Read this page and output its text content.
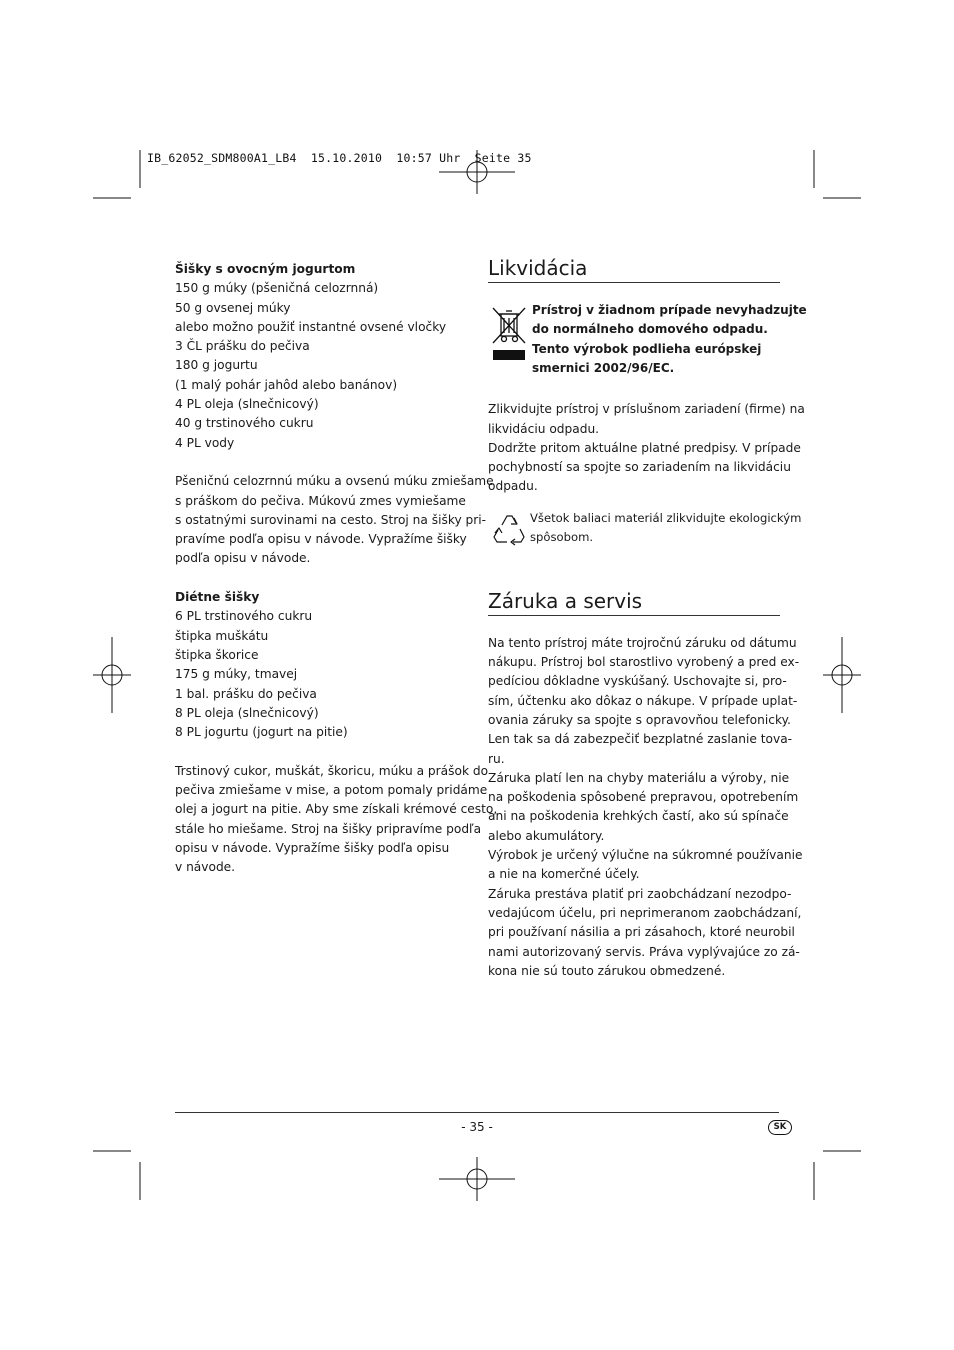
IB_62052_SDM800A1_LB4  15.10.2010  10:57 Uhr  Seite 35

Šišky s ovocným jogurtom

150 g múky (pšeničná celozrnná)

50 g ovsenej múky

alebo možno použiť instantné ovsené vločky

3 ČL prášku do pečiva

180 g jogurtu

(1 malý pohár jahôd alebo banánov)

4 PL oleja (slnečnicový)

40 g trstinového cukru

4 PL vody

Pšeničnú celozrnnú múku a ovsenú múku zmiešame

s práškom do pečiva. Múkovú zmes vymiešame

s ostatnými surovinami na cesto. Stroj na šišky pri-

pravíme podľa opisu v návode. Vypražíme šišky

podľa opisu v návode.

Diétne šišky

6 PL trstinového cukru

štipka muškátu

štipka škorice

175 g múky, tmavej

1 bal. prášku do pečiva

8 PL oleja (slnečnicový)

8 PL jogurtu (jogurt na pitie)

Trstinový cukor, muškát, škoricu, múku a prášok do

pečiva zmiešame v mise, a potom pomaly pridáme

olej a jogurt na pitie. Aby sme získali krémové cesto,

stále ho miešame. Stroj na šišky pripravíme podľa

opisu v návode. Vypražíme šišky podľa opisu

v návode.

Likvidácia

Prístroj v žiadnom prípade nevyhadzujte

do normálneho domového odpadu.

Tento výrobok podlieha európskej

smernici 2002/96/EC.

Zlikvidujte prístroj v príslušnom zariadení (firme) na

likvidáciu odpadu.

Dodržte pritom aktuálne platné predpisy. V prípade

pochybností sa spojte so zariadením na likvidáciu

odpadu.

Všetok baliaci materiál zlikvidujte ekologickým

spôsobom.

Záruka a servis

Na tento prístroj máte trojročnú záruku od dátumu

nákupu. Prístroj bol starostlivo vyrobený a pred ex-

pedíciou dôkladne vyskúšaný. Uschovajte si, pro-

sím, účtenku ako dôkaz o nákupe. V prípade uplat-

ovania záruky sa spojte s opravovňou telefonicky.

Len tak sa dá zabezpečiť bezplatné zaslanie tova-

ru.

Záruka platí len na chyby materiálu a výroby, nie

na poškodenia spôsobené prepravou, opotrebením

ani na poškodenia krehkých častí, ako sú spínače

alebo akumulátory.

Výrobok je určený výlučne na súkromné používanie

a nie na komerčné účely.

Záruka prestáva platiť pri zaobchádzaní nezodpo-

vedajúcom účelu, pri neprimeranom zaobchádzaní,

pri používaní násilia a pri zásahoch, ktoré neurobil

nami autorizovaný servis. Práva vyplývajúce zo zá-

kona nie sú touto zárukou obmedzené.

- 35 -	SK
